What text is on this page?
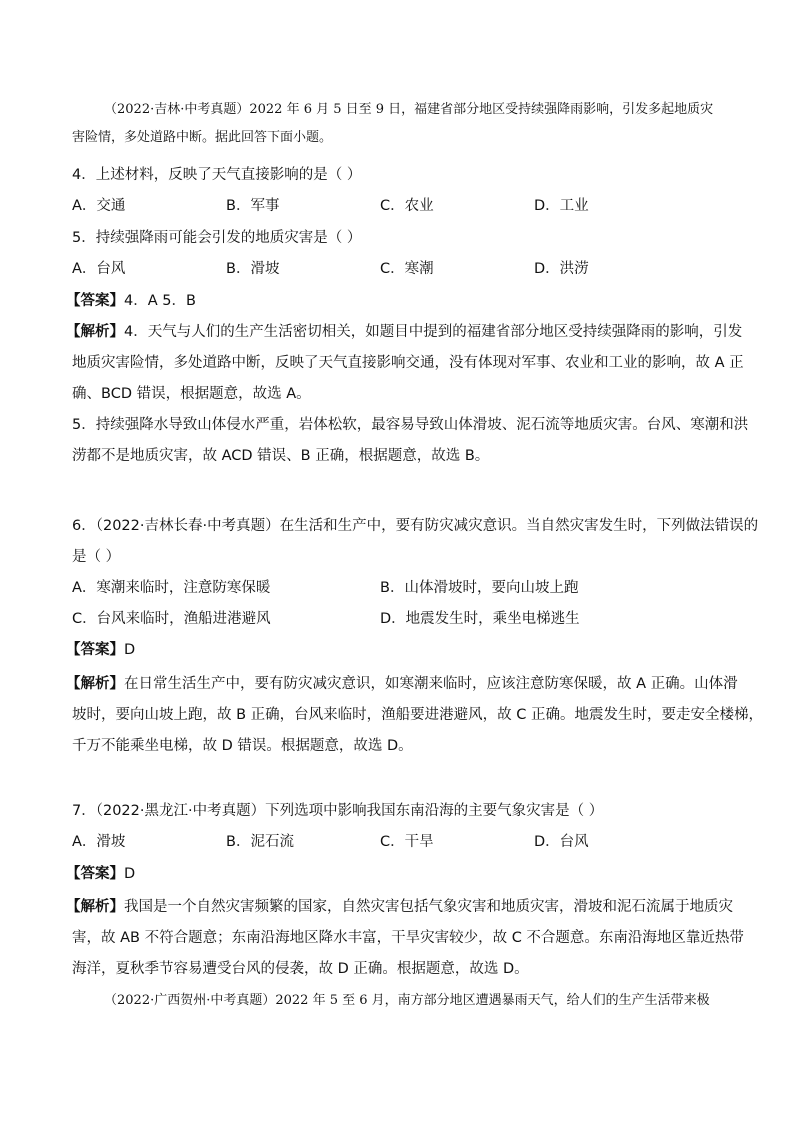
（2022·吉林·中考真题）2022 年 6 月 5 日至 9 日，福建省部分地区受持续强降雨影响，引发多起地质灾
害险情，多处道路中断。据此回答下面小题。
4．上述材料，反映了天气直接影响的是（ ）
A．交通	B．军事	C．农业	D．工业
5．持续强降雨可能会引发的地质灾害是（ ）
A．台风	B．滑坡	C．寒潮	D．洪涝
【答案】4．A 5．B
【解析】4．天气与人们的生产生活密切相关，如题目中提到的福建省部分地区受持续强降雨的影响，引发
地质灾害险情，多处道路中断，反映了天气直接影响交通，没有体现对军事、农业和工业的影响，故 A 正
确、BCD 错误，根据题意，故选 A。
5．持续强降水导致山体侵水严重，岩体松软，最容易导致山体滑坡、泥石流等地质灾害。台风、寒潮和洪
涝都不是地质灾害，故 ACD 错误、B 正确，根据题意，故选 B。
6．（2022·吉林长春·中考真题）在生活和生产中，要有防灾减灾意识。当自然灾害发生时，下列做法错误的
是（ ）
A．寒潮来临时，注意防寒保暖	B．山体滑坡时，要向山坡上跑
C．台风来临时，渔船进港避风	D．地震发生时，乘坐电梯逃生
【答案】D
【解析】在日常生活生产中，要有防灾减灾意识，如寒潮来临时，应该注意防寒保暖，故 A 正确。山体滑
坡时，要向山坡上跑，故 B 正确，台风来临时，渔船要进港避风，故 C 正确。地震发生时，要走安全楼梯，
千万不能乘坐电梯，故 D 错误。根据题意，故选 D。
7．（2022·黑龙江·中考真题）下列选项中影响我国东南沿海的主要气象灾害是（ ）
A．滑坡	B．泥石流	C．干旱	D．台风
【答案】D
【解析】我国是一个自然灾害频繁的国家，自然灾害包括气象灾害和地质灾害，滑坡和泥石流属于地质灾
害，故 AB 不符合题意；东南沿海地区降水丰富，干旱灾害较少，故 C 不合题意。东南沿海地区靠近热带
海洋，夏秋季节容易遭受台风的侵袭，故 D 正确。根据题意，故选 D。
（2022·广西贺州·中考真题）2022 年 5 至 6 月，南方部分地区遭遇暴雨天气，给人们的生产生活带来极
